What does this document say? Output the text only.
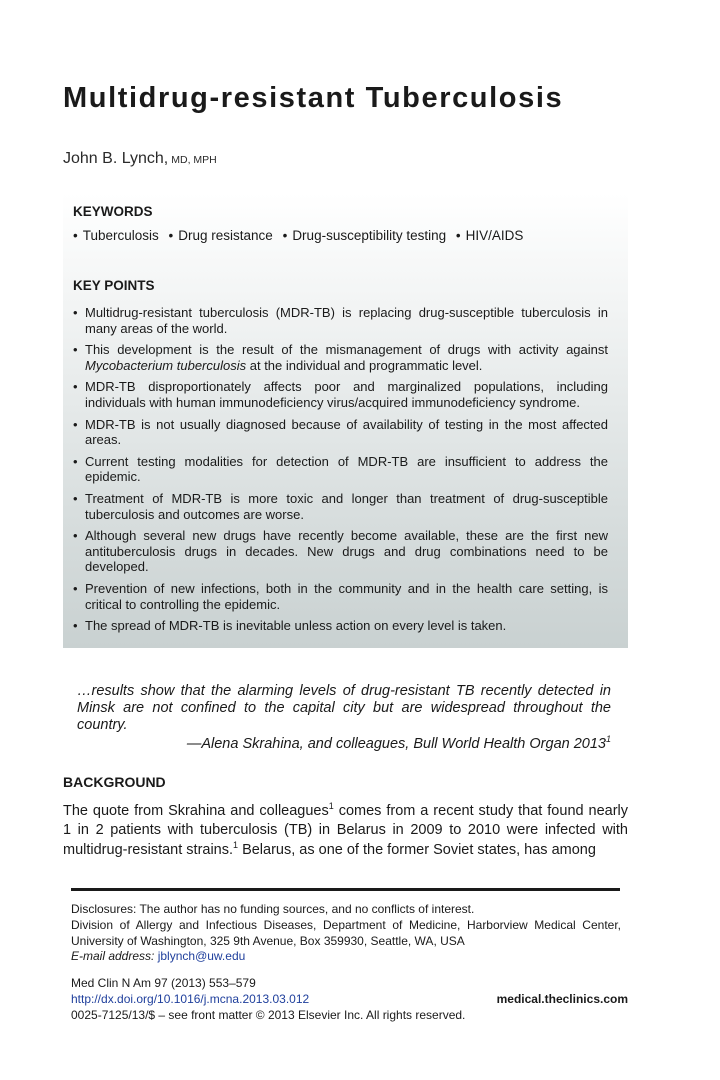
Multidrug-resistant Tuberculosis
John B. Lynch, MD, MPH
KEYWORDS
• Tuberculosis • Drug resistance • Drug-susceptibility testing • HIV/AIDS
KEY POINTS
• Multidrug-resistant tuberculosis (MDR-TB) is replacing drug-susceptible tuberculosis in many areas of the world.
• This development is the result of the mismanagement of drugs with activity against Mycobacterium tuberculosis at the individual and programmatic level.
• MDR-TB disproportionately affects poor and marginalized populations, including individuals with human immunodeficiency virus/acquired immunodeficiency syndrome.
• MDR-TB is not usually diagnosed because of availability of testing in the most affected areas.
• Current testing modalities for detection of MDR-TB are insufficient to address the epidemic.
• Treatment of MDR-TB is more toxic and longer than treatment of drug-susceptible tuberculosis and outcomes are worse.
• Although several new drugs have recently become available, these are the first new antituberculosis drugs in decades. New drugs and drug combinations need to be developed.
• Prevention of new infections, both in the community and in the health care setting, is critical to controlling the epidemic.
• The spread of MDR-TB is inevitable unless action on every level is taken.

…results show that the alarming levels of drug-resistant TB recently detected in Minsk are not confined to the capital city but are widespread throughout the country.

—Alena Skrahina, and colleagues, Bull World Health Organ 2013$^1$
BACKGROUND

The quote from Skrahina and colleagues$^1$ comes from a recent study that found nearly 1 in 2 patients with tuberculosis (TB) in Belarus in 2009 to 2010 were infected with multidrug-resistant strains.$^1$ Belarus, as one of the former Soviet states, has among

Disclosures: The author has no funding sources, and no conflicts of interest.
Division of Allergy and Infectious Diseases, Department of Medicine, Harborview Medical Center, University of Washington, 325 9th Avenue, Box 359930, Seattle, WA, USA
E-mail address: jblynch@uw.edu
Med Clin N Am 97 (2013) 553–579
http://dx.doi.org/10.1016/j.mcna.2013.03.012	medical.theclinics.com
0025-7125/13/$ – see front matter © 2013 Elsevier Inc. All rights reserved.
